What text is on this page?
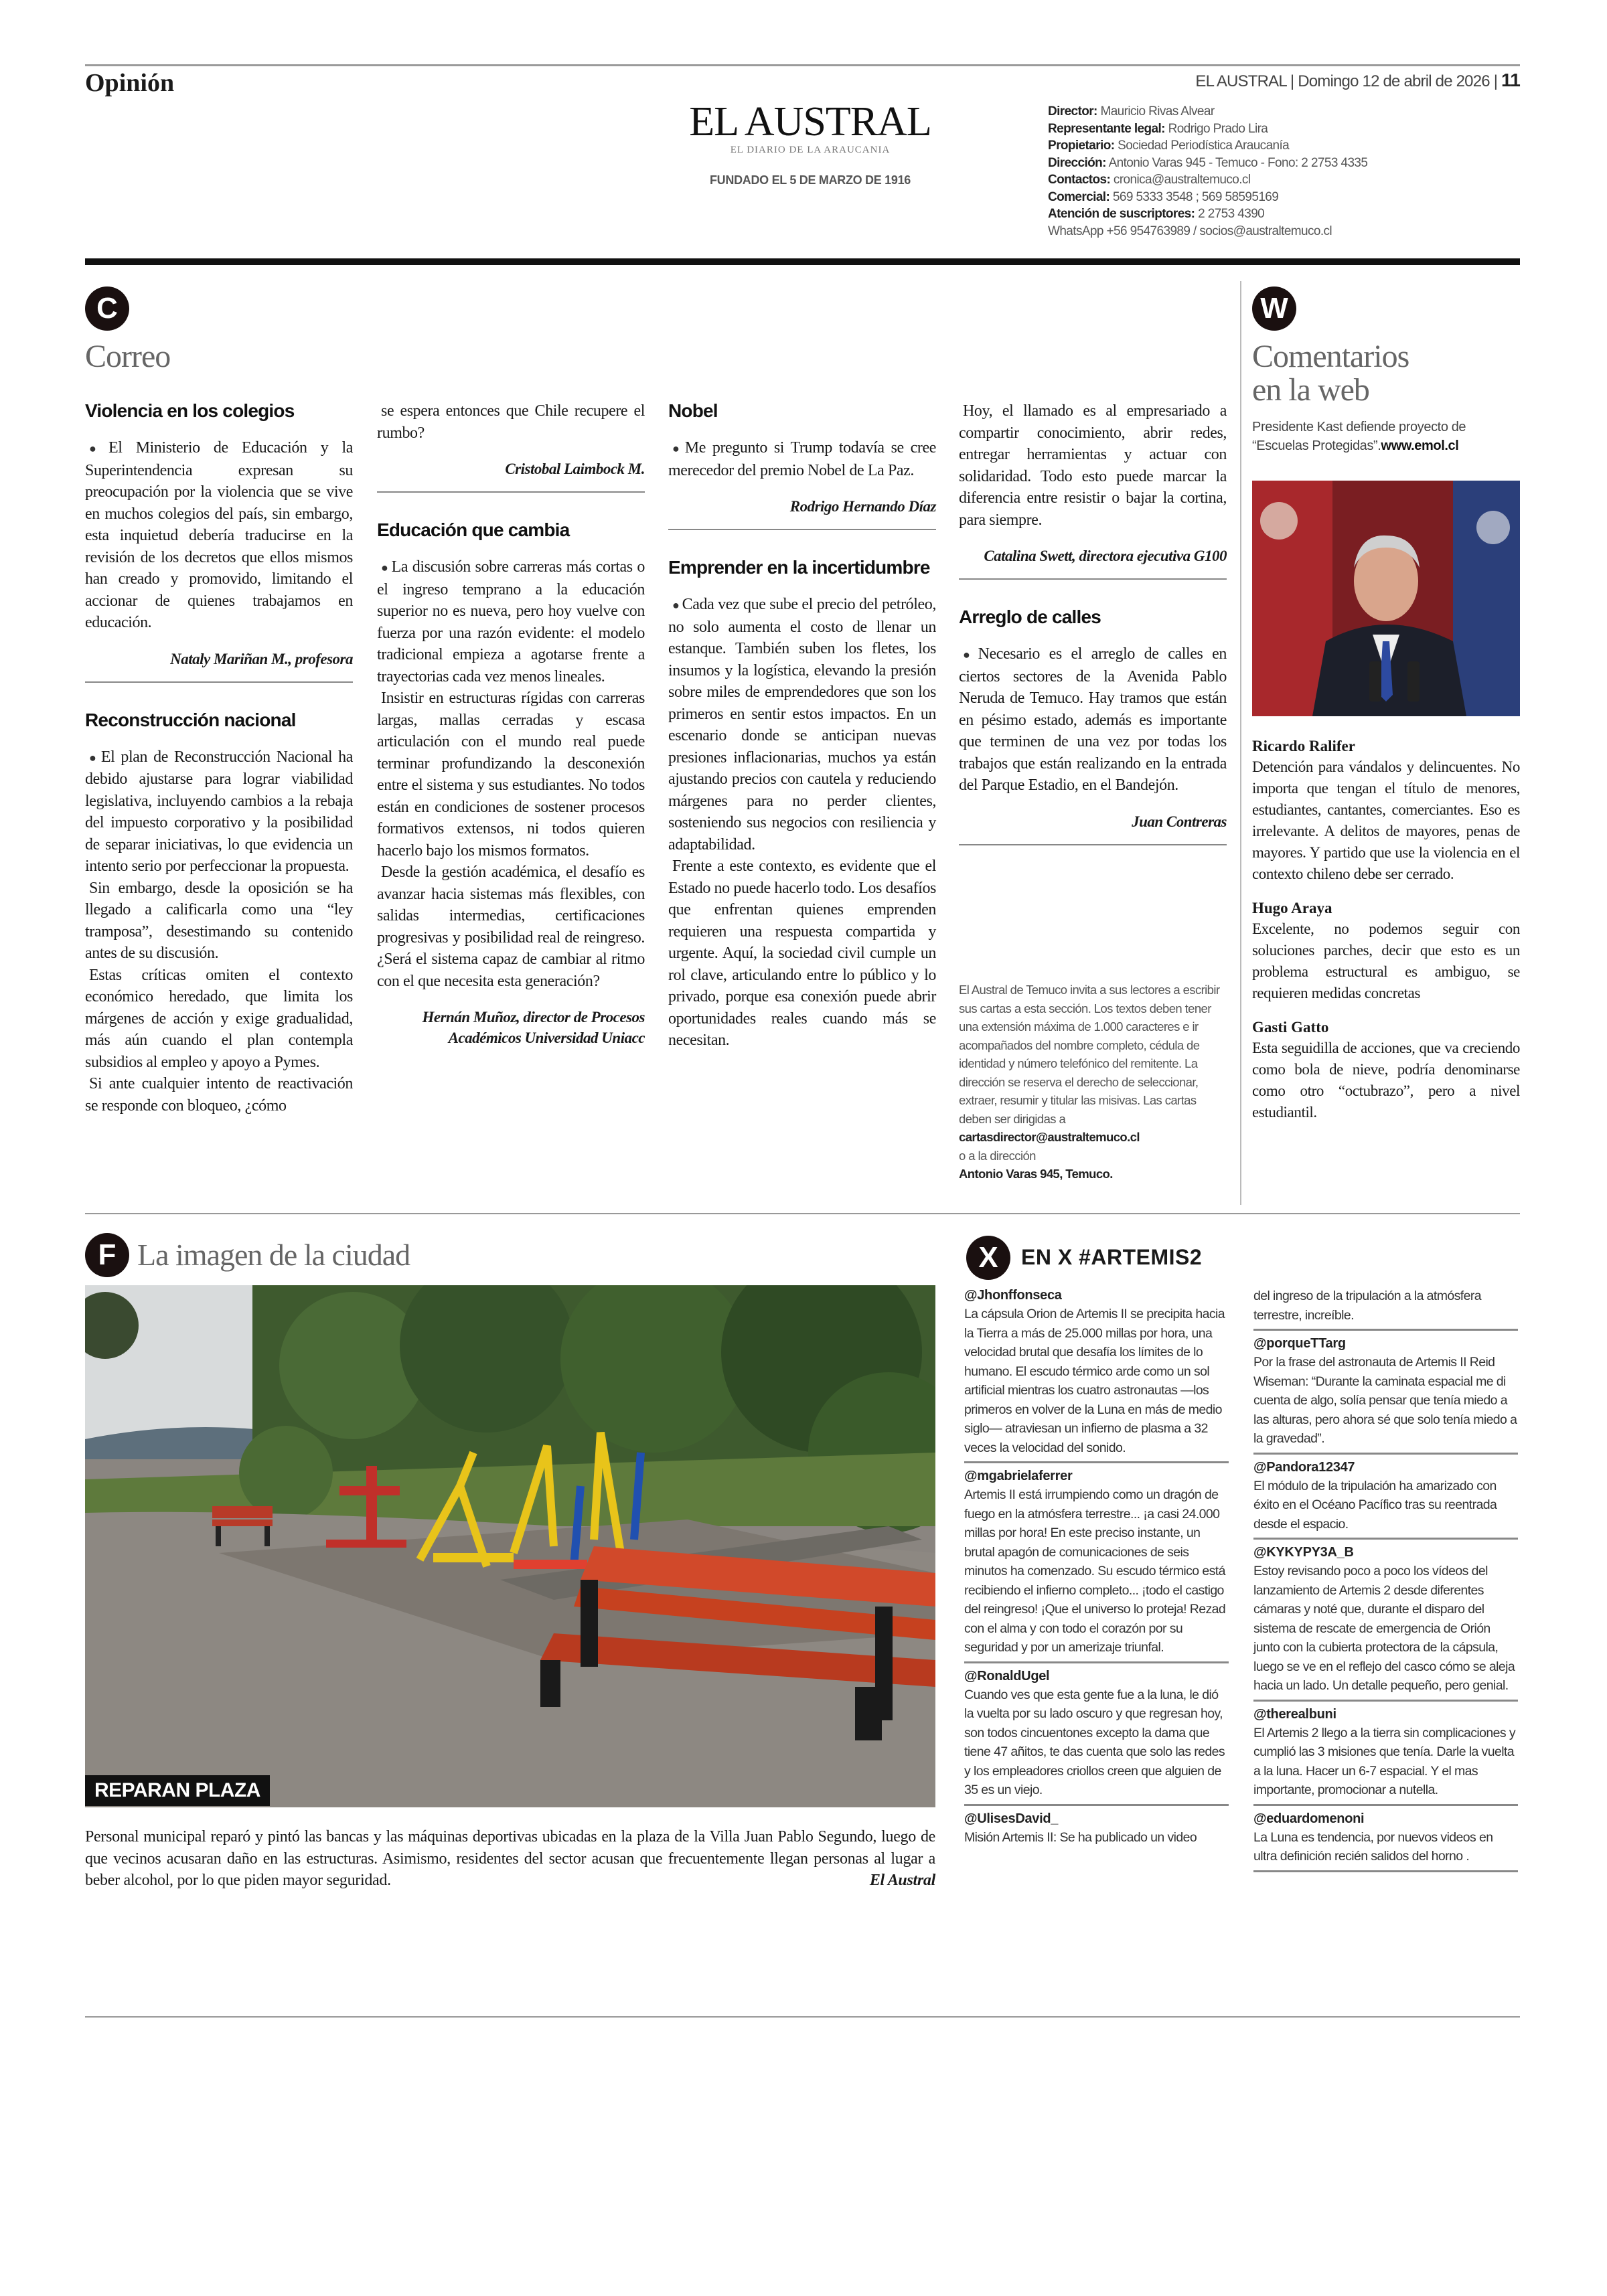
Opinión
EL AUSTRAL
EL DIARIO DE LA ARAUCANIA
FUNDADO EL 5 DE MARZO DE 1916
EL AUSTRAL | Domingo 12 de abril de 2026 | 11
Director: Mauricio Rivas Alvear
Representante legal: Rodrigo Prado Lira
Propietario: Sociedad Periodística Araucanía
Dirección: Antonio Varas 945 - Temuco - Fono: 2 2753 4335
Contactos: cronica@australtemuco.cl
Comercial: 569 5333 3548 ; 569 58595169
Atención de suscriptores: 2 2753 4390
WhatsApp +56 954763989 / socios@australtemuco.cl
C
Correo
Violencia en los colegios
● El Ministerio de Educación y la Superintendencia expresan su preocupación por la violencia que se vive en muchos colegios del país, sin embargo, esta inquietud debería traducirse en la revisión de los decretos que ellos mismos han creado y promovido, limitando el accionar de quienes trabajamos en educación.
Nataly Mariñan M., profesora
Reconstrucción nacional
● El plan de Reconstrucción Nacional ha debido ajustarse para lograr viabilidad legislativa, incluyendo cambios a la rebaja del impuesto corporativo y la posibilidad de separar iniciativas, lo que evidencia un intento serio por perfeccionar la propuesta.
Sin embargo, desde la oposición se ha llegado a calificarla como una “ley tramposa”, desestimando su contenido antes de su discusión.
Estas críticas omiten el contexto económico heredado, que limita los márgenes de acción y exige gradualidad, más aún cuando el plan contempla subsidios al empleo y apoyo a Pymes.
Si ante cualquier intento de reactivación se responde con bloqueo, ¿cómo
se espera entonces que Chile recupere el rumbo?
Cristobal Laimbock M.
Educación que cambia
● La discusión sobre carreras más cortas o el ingreso temprano a la educación superior no es nueva, pero hoy vuelve con fuerza por una razón evidente: el modelo tradicional empieza a agotarse frente a trayectorias cada vez menos lineales.
Insistir en estructuras rígidas con carreras largas, mallas cerradas y escasa articulación con el mundo real puede terminar profundizando la desconexión entre el sistema y sus estudiantes. No todos están en condiciones de sostener procesos formativos extensos, ni todos quieren hacerlo bajo los mismos formatos.
Desde la gestión académica, el desafío es avanzar hacia sistemas más flexibles, con salidas intermedias, certificaciones progresivas y posibilidad real de reingreso. ¿Será el sistema capaz de cambiar al ritmo con el que necesita esta generación?
Hernán Muñoz, director de Procesos Académicos Universidad Uniacc
Nobel
● Me pregunto si Trump todavía se cree merecedor del premio Nobel de La Paz.
Rodrigo Hernando Díaz
Emprender en la incertidumbre
● Cada vez que sube el precio del petróleo, no solo aumenta el costo de llenar un estanque. También suben los fletes, los insumos y la logística, elevando la presión sobre miles de emprendedores que son los primeros en sentir estos impactos. En un escenario donde se anticipan nuevas presiones inflacionarias, muchos ya están ajustando precios con cautela y reduciendo márgenes para no perder clientes, sosteniendo sus negocios con resiliencia y adaptabilidad.
Frente a este contexto, es evidente que el Estado no puede hacerlo todo. Los desafíos que enfrentan quienes emprenden requieren una respuesta compartida y urgente. Aquí, la sociedad civil cumple un rol clave, articulando entre lo público y lo privado, porque esa conexión puede abrir oportunidades reales cuando más se necesitan.
Hoy, el llamado es al empresariado a compartir conocimiento, abrir redes, entregar herramientas y actuar con solidaridad. Todo esto puede marcar la diferencia entre resistir o bajar la cortina, para siempre.
Catalina Swett, directora ejecutiva G100
Arreglo de calles
● Necesario es el arreglo de calles en ciertos sectores de la Avenida Pablo Neruda de Temuco. Hay tramos que están en pésimo estado, además es importante que terminen de una vez por todas los trabajos que están realizando en la entrada del Parque Estadio, en el Bandejón.
Juan Contreras
El Austral de Temuco invita a sus lectores a escribir sus cartas a esta sección. Los textos deben tener una extensión máxima de 1.000 caracteres e ir acompañados del nombre completo, cédula de identidad y número telefónico del remitente. La dirección se reserva el derecho de seleccionar, extraer, resumir y titular las misivas. Las cartas deben ser dirigidas a
cartasdirector@australtemuco.cl
o a la dirección
Antonio Varas 945, Temuco.
W
Comentarios
en la web
Presidente Kast defiende proyecto de “Escuelas Protegidas”.www.emol.cl
Ricardo Ralifer
Detención para vándalos y delincuentes. No importa que tengan el título de menores, estudiantes, cantantes, comerciantes. Eso es irrelevante. A delitos de mayores, penas de mayores. Y partido que use la violencia en el contexto chileno debe ser cerrado.
Hugo Araya
Excelente, no podemos seguir con soluciones parches, decir que esto es un problema estructural es ambiguo, se requieren medidas concretas
Gasti Gatto
Esta seguidilla de acciones, que va creciendo como bola de nieve, podría denominarse como otro “octubrazo”, pero a nivel estudiantil.
F La imagen de la ciudad
REPARAN PLAZA
Personal municipal reparó y pintó las bancas y las máquinas deportivas ubicadas en la plaza de la Villa Juan Pablo Segundo, luego de que vecinos acusaran daño en las estructuras. Asimismo, residentes del sector acusan que frecuentemente llegan personas al lugar a beber alcohol, por lo que piden mayor seguridad.	El Austral
X	EN X #ARTEMIS2
@Jhonffonseca
La cápsula Orion de Artemis II se precipita hacia la Tierra a más de 25.000 millas por hora, una velocidad brutal que desafía los límites de lo humano. El escudo térmico arde como un sol artificial mientras los cuatro astronautas —los primeros en volver de la Luna en más de medio siglo— atraviesan un infierno de plasma a 32 veces la velocidad del sonido.
@mgabrielaferrer
Artemis II está irrumpiendo como un dragón de fuego en la atmósfera terrestre... ¡a casi 24.000 millas por hora! En este preciso instante, un brutal apagón de comunicaciones de seis minutos ha comenzado. Su escudo térmico está recibiendo el infierno completo... ¡todo el castigo del reingreso! ¡Que el universo lo proteja! Rezad con el alma y con todo el corazón por su seguridad y por un amerizaje triunfal.
@RonaldUgel
Cuando ves que esta gente fue a la luna, le dió la vuelta por su lado oscuro y que regresan hoy, son todos cincuentones excepto la dama que tiene 47 añitos, te das cuenta que solo las redes y los empleadores criollos creen que alguien de 35 es un viejo.
@UlisesDavid_
Misión Artemis II: Se ha publicado un video
del ingreso de la tripulación a la atmósfera terrestre, increíble.
@porqueTTarg
Por la frase del astronauta de Artemis II Reid Wiseman: “Durante la caminata espacial me di cuenta de algo, solía pensar que tenía miedo a las alturas, pero ahora sé que solo tenía miedo a la gravedad”.
@Pandora12347
El módulo de la tripulación ha amarizado con éxito en el Océano Pacífico tras su reentrada desde el espacio.
@KYKYPY3A_B
Estoy revisando poco a poco los vídeos del lanzamiento de Artemis 2 desde diferentes cámaras y noté que, durante el disparo del sistema de rescate de emergencia de Orión junto con la cubierta protectora de la cápsula, luego se ve en el reflejo del casco cómo se aleja hacia un lado. Un detalle pequeño, pero genial.
@therealbuni
El Artemis 2 llego a la tierra sin complicaciones y cumplió las 3 misiones que tenía. Darle la vuelta a la luna. Hacer un 6-7 espacial. Y el mas importante, promocionar a nutella.
@eduardomenoni
La Luna es tendencia, por nuevos videos en ultra definición recién salidos del horno .
